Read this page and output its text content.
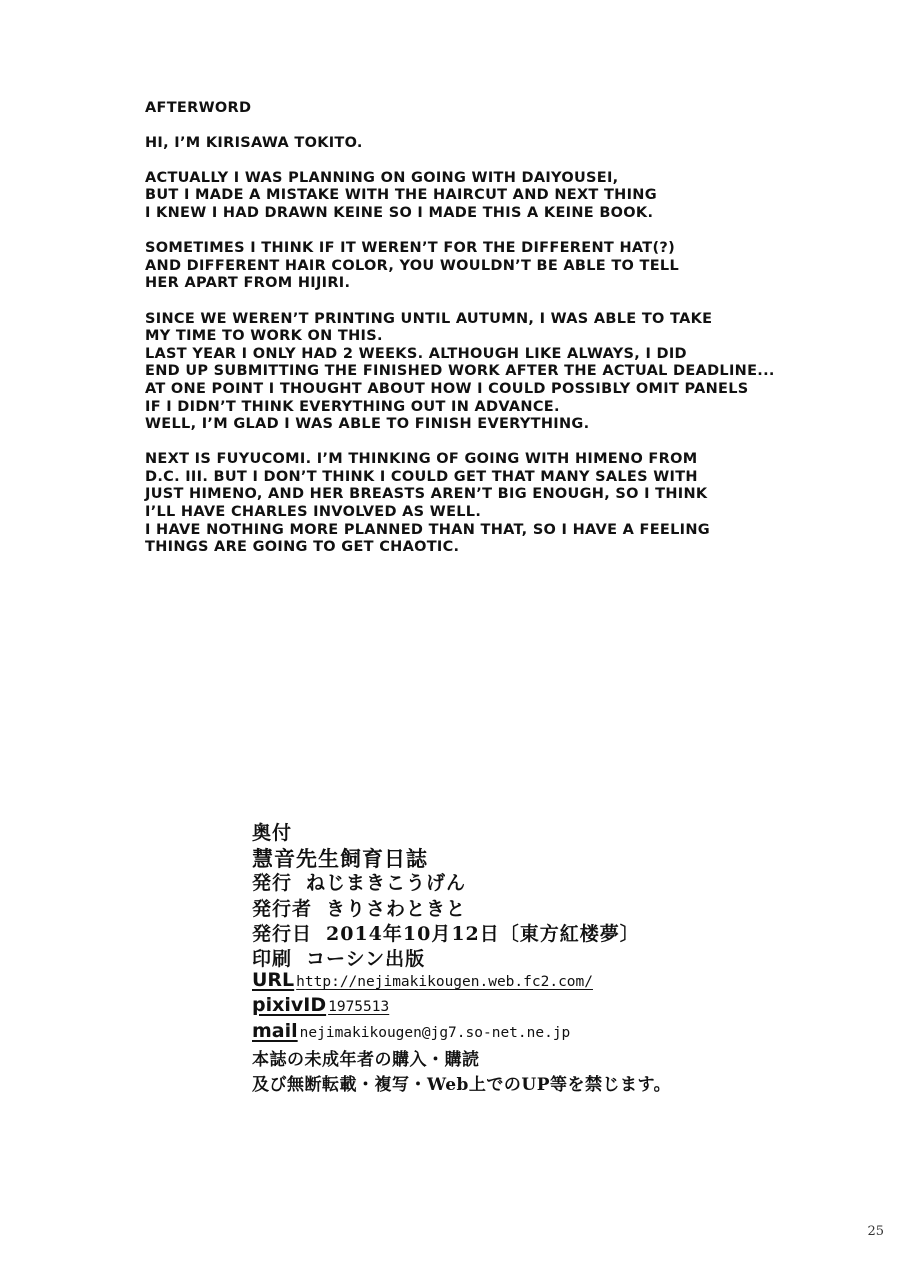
AFTERWORD
HI, I’M KIRISAWA TOKITO.
ACTUALLY I WAS PLANNING ON GOING WITH DAIYOUSEI,
BUT I MADE A MISTAKE WITH THE HAIRCUT AND NEXT THING
I KNEW I HAD DRAWN KEINE SO I MADE THIS A KEINE BOOK.
SOMETIMES I THINK IF IT WEREN’T FOR THE DIFFERENT HAT(?)
AND DIFFERENT HAIR COLOR, YOU WOULDN’T BE ABLE TO TELL
HER APART FROM HIJIRI.
SINCE WE WEREN’T PRINTING UNTIL AUTUMN, I WAS ABLE TO TAKE
MY TIME TO WORK ON THIS.
LAST YEAR I ONLY HAD 2 WEEKS. ALTHOUGH LIKE ALWAYS, I DID
END UP SUBMITTING THE FINISHED WORK AFTER THE ACTUAL DEADLINE...
AT ONE POINT I THOUGHT ABOUT HOW I COULD POSSIBLY OMIT PANELS
IF I DIDN’T THINK EVERYTHING OUT IN ADVANCE.
WELL, I’M GLAD I WAS ABLE TO FINISH EVERYTHING.
NEXT IS FUYUCOMI. I’M THINKING OF GOING WITH HIMENO FROM
D.C. III. BUT I DON’T THINK I COULD GET THAT MANY SALES WITH
JUST HIMENO, AND HER BREASTS AREN’T BIG ENOUGH, SO I THINK
I’LL HAVE CHARLES INVOLVED AS WELL.
I HAVE NOTHING MORE PLANNED THAN THAT, SO I HAVE A FEELING
THINGS ARE GOING TO GET CHAOTIC.
奥付
慧音先生飼育日誌
発行 ねじまきこうげん
発行者 きりさわときと
発行日 2014年10月12日〔東方紅楼夢〕
印刷 コーシン出版
URL http://nejimakikougen.web.fc2.com/
pixivID 1975513
mail nejimakikougen@jg7.so-net.ne.jp
本誌の未成年者の購入・購読
及び無断転載・複写・Web上でのUP等を禁じます。
25
